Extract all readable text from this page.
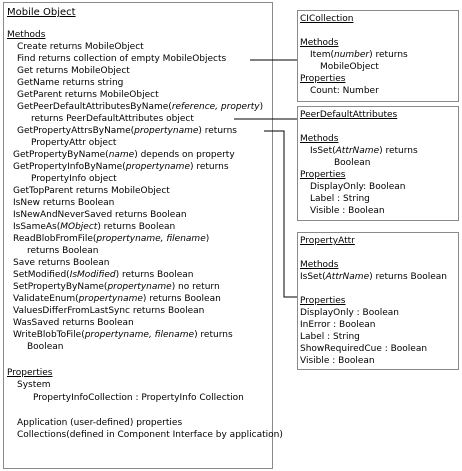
Mobile Object
Methods
Create returns MobileObject
Find returns collection of empty MobileObjects
Get returns MobileObject
GetName returns string
GetParent returns MobileObject
GetPeerDefaultAttributesByName(reference, property)
returns PeerDefaultAttributes object
GetPropertyAttrsByName(propertyname) returns
PropertyAttr object
GetPropertyByName(name) depends on property
GetPropertyInfoByName(propertyname) returns
PropertyInfo object
GetTopParent returns MobileObject
IsNew returns Boolean
IsNewAndNeverSaved returns Boolean
IsSameAs(MObject) returns Boolean
ReadBlobFromFile(propertyname, filename)
returns Boolean
Save returns Boolean
SetModified(IsModified) returns Boolean
SetPropertyByName(propertyname) no return
ValidateEnum(propertyname) returns Boolean
ValuesDifferFromLastSync returns Boolean
WasSaved returns Boolean
WriteBlobToFile(propertyname, filename) returns
Boolean
Properties
System
PropertyInfoCollection : PropertyInfo Collection
Application (user-defined) properties
Collections(defined in Component Interface by application)
CICollection
Methods
Item(number) returns
MobileObject
Properties
Count: Number
PeerDefaultAttributes
Methods
IsSet(AttrName) returns
Boolean
Properties
DisplayOnly: Boolean
Label : String
Visible : Boolean
PropertyAttr
Methods
IsSet(AttrName) returns Boolean
Properties
DisplayOnly : Boolean
InError : Boolean
Label : String
ShowRequiredCue : Boolean
Visible : Boolean
